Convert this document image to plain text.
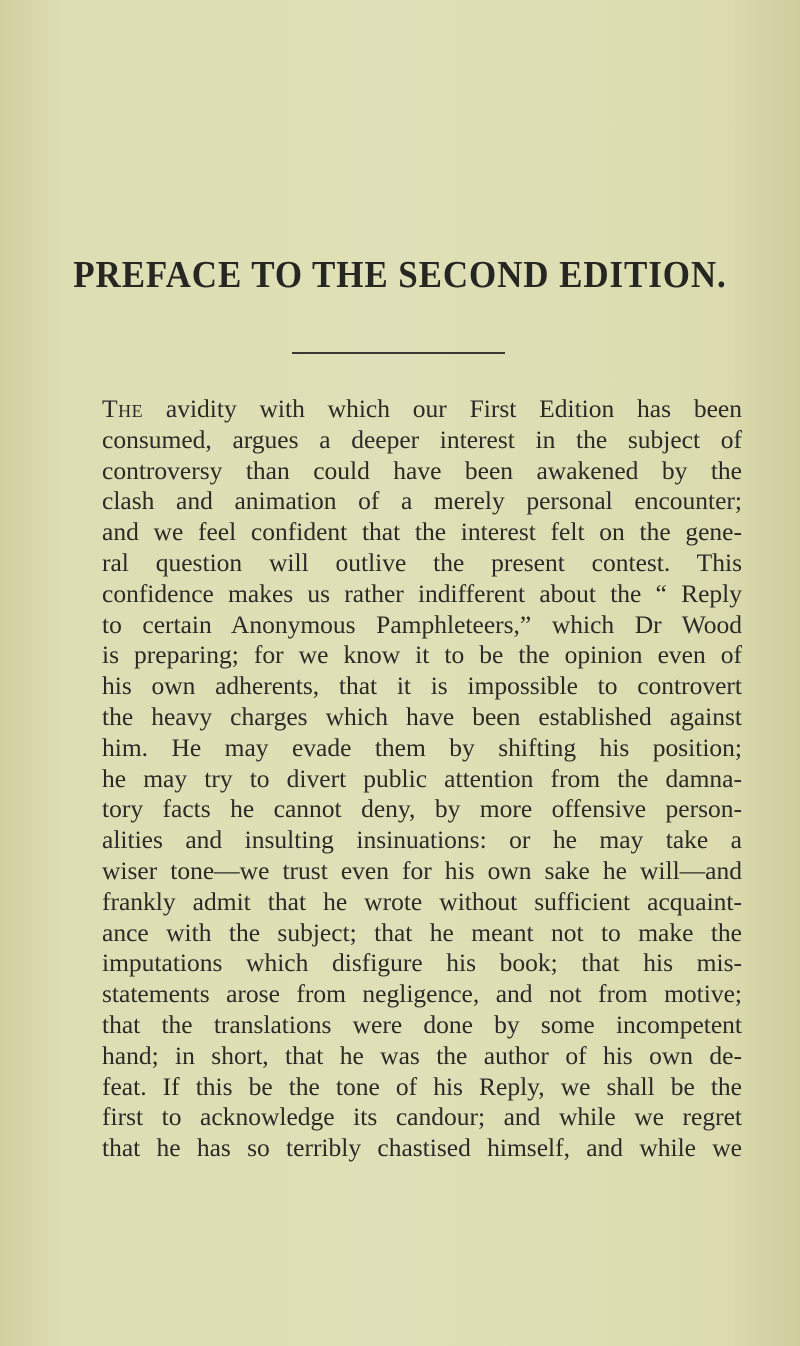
PREFACE TO THE SECOND EDITION.
The avidity with which our First Edition has been
consumed, argues a deeper interest in the subject of
controversy than could have been awakened by the
clash and animation of a merely personal encounter;
and we feel confident that the interest felt on the gene-
ral question will outlive the present contest. This
confidence makes us rather indifferent about the “ Reply
to certain Anonymous Pamphleteers,” which Dr Wood
is preparing; for we know it to be the opinion even of
his own adherents, that it is impossible to controvert
the heavy charges which have been established against
him. He may evade them by shifting his position;
he may try to divert public attention from the damna-
tory facts he cannot deny, by more offensive person-
alities and insulting insinuations: or he may take a
wiser tone—we trust even for his own sake he will—and
frankly admit that he wrote without sufficient acquaint-
ance with the subject; that he meant not to make the
imputations which disfigure his book; that his mis-
statements arose from negligence, and not from motive;
that the translations were done by some incompetent
hand; in short, that he was the author of his own de-
feat. If this be the tone of his Reply, we shall be the
first to acknowledge its candour; and while we regret
that he has so terribly chastised himself, and while we
